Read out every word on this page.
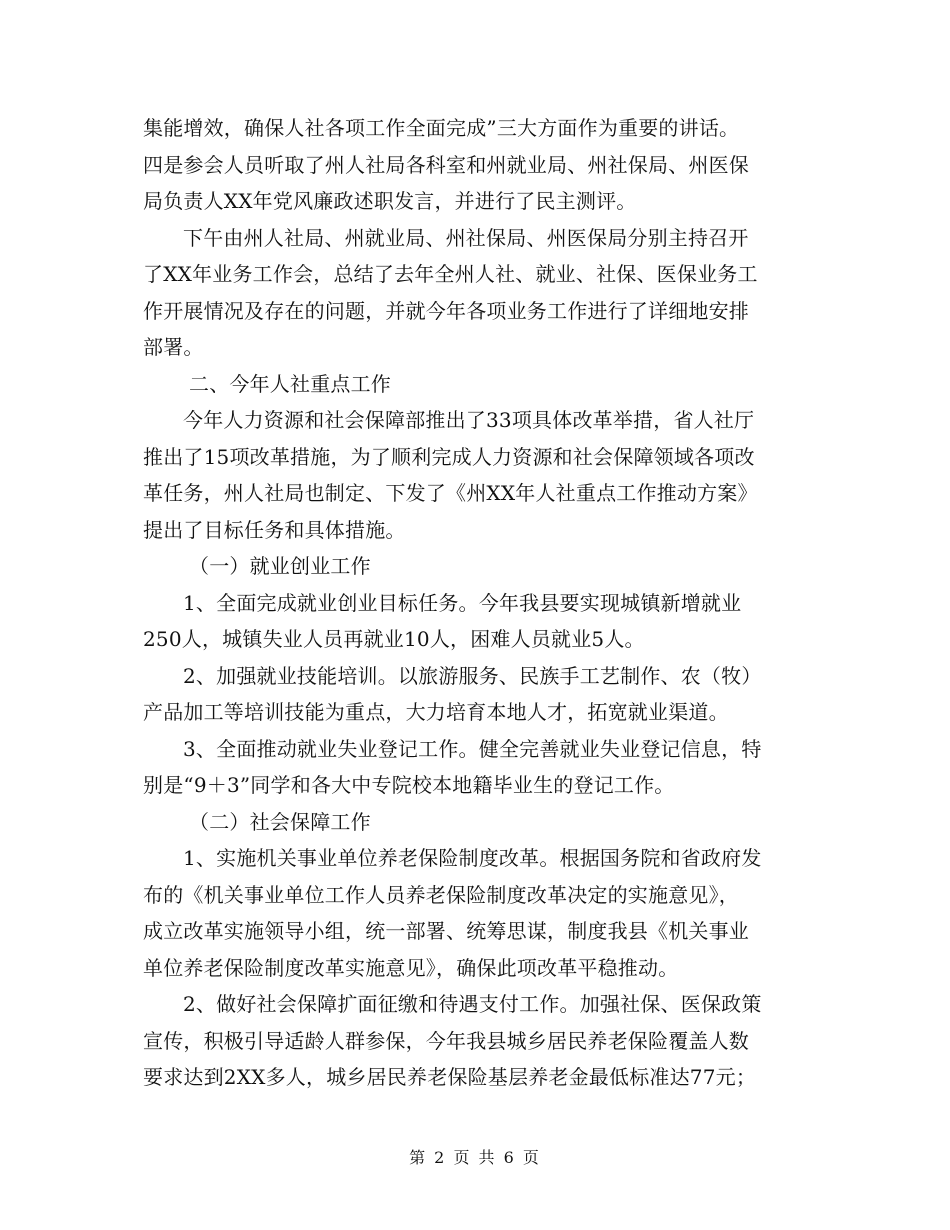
集能增效，确保人社各项工作全面完成”三大方面作为重要的讲话。
四是参会人员听取了州人社局各科室和州就业局、州社保局、州医保
局负责人XX年党风廉政述职发言，并进行了民主测评。
下午由州人社局、州就业局、州社保局、州医保局分别主持召开
了XX年业务工作会，总结了去年全州人社、就业、社保、医保业务工
作开展情况及存在的问题，并就今年各项业务工作进行了详细地安排
部署。
二、今年人社重点工作
今年人力资源和社会保障部推出了33项具体改革举措，省人社厅
推出了15项改革措施，为了顺利完成人力资源和社会保障领域各项改
革任务，州人社局也制定、下发了《州XX年人社重点工作推动方案》
提出了目标任务和具体措施。
（一）就业创业工作
1、全面完成就业创业目标任务。今年我县要实现城镇新增就业
250人，城镇失业人员再就业10人，困难人员就业5人。
2、加强就业技能培训。以旅游服务、民族手工艺制作、农（牧）
产品加工等培训技能为重点，大力培育本地人才，拓宽就业渠道。
3、全面推动就业失业登记工作。健全完善就业失业登记信息，特
别是“9＋3”同学和各大中专院校本地籍毕业生的登记工作。
（二）社会保障工作
1、实施机关事业单位养老保险制度改革。根据国务院和省政府发
布的《机关事业单位工作人员养老保险制度改革决定的实施意见》，
成立改革实施领导小组，统一部署、统筹思谋，制度我县《机关事业
单位养老保险制度改革实施意见》，确保此项改革平稳推动。
2、做好社会保障扩面征缴和待遇支付工作。加强社保、医保政策
宣传，积极引导适龄人群参保，今年我县城乡居民养老保险覆盖人数
要求达到2XX多人，城乡居民养老保险基层养老金最低标准达77元；
第 2 页 共 6 页
